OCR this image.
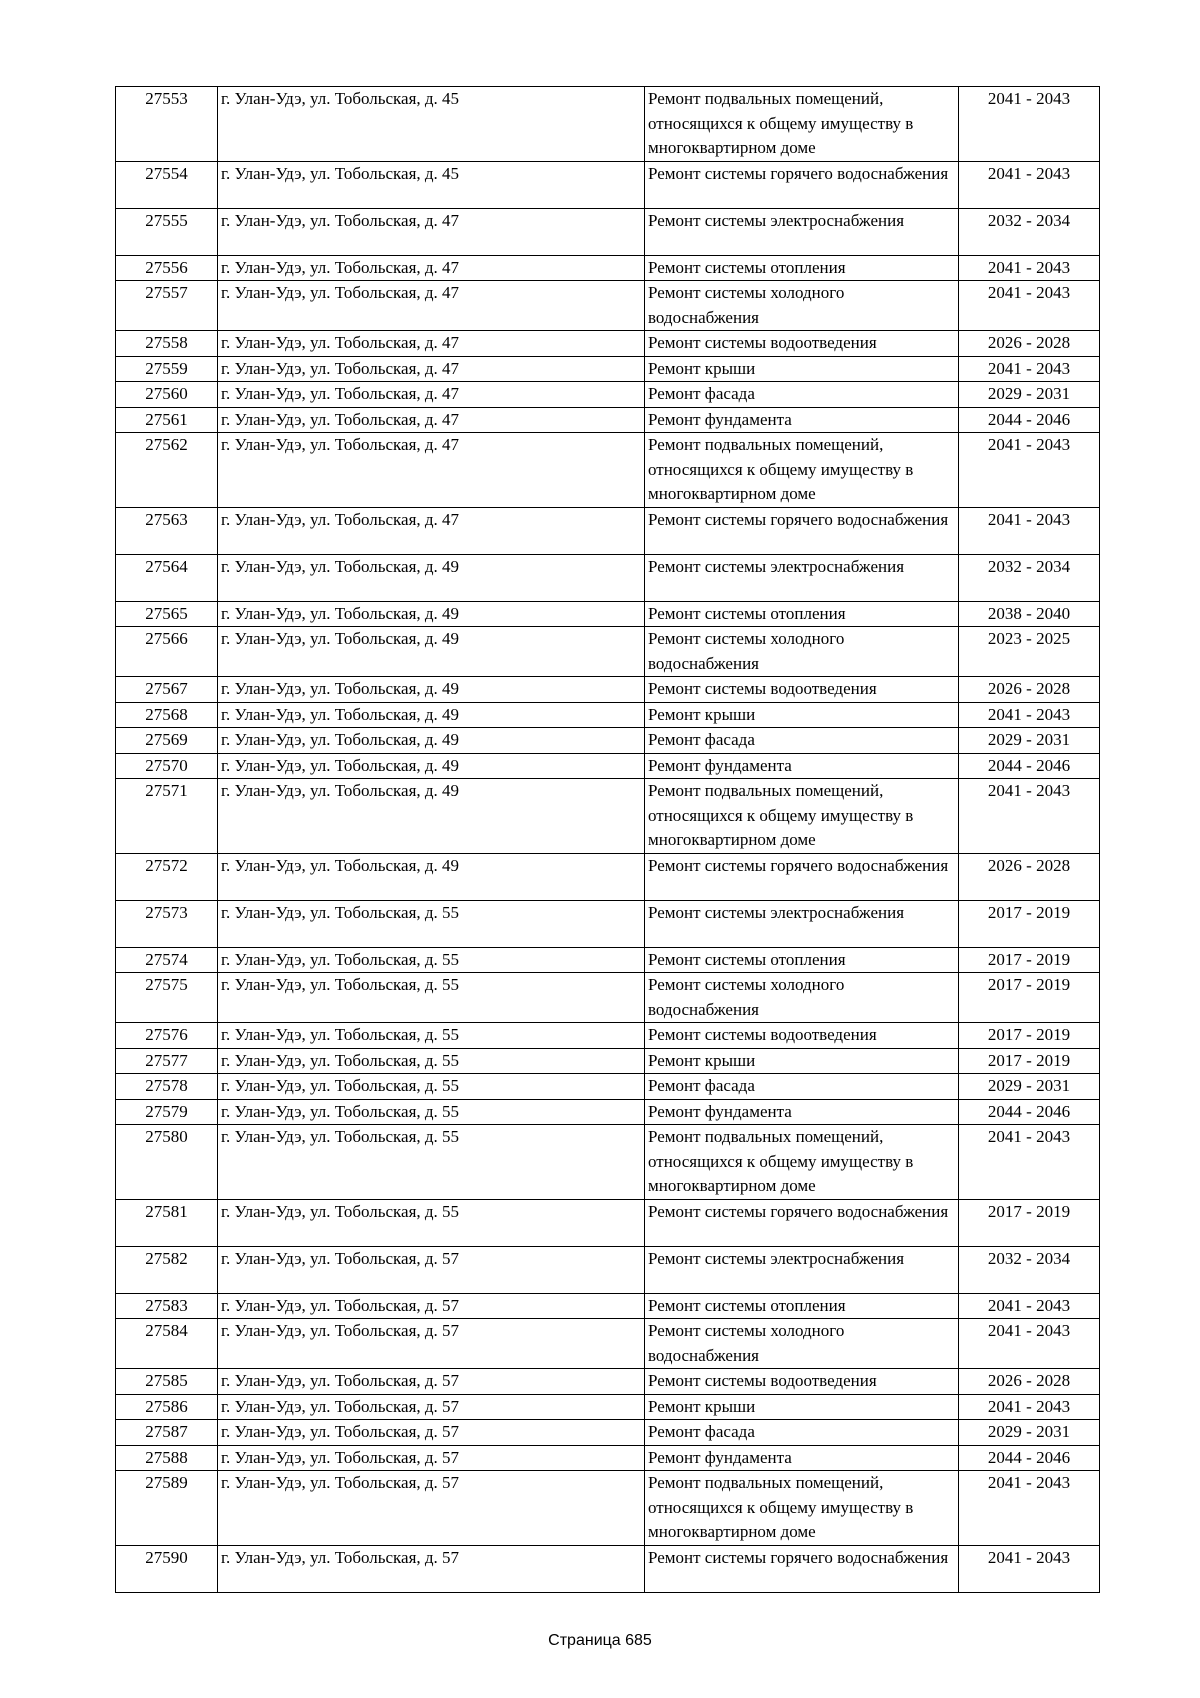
27553	г. Улан-Удэ, ул. Тобольская, д. 45	Ремонт подвальных помещений, относящихся к общему имуществу в многоквартирном доме	2041 - 2043
27554	г. Улан-Удэ, ул. Тобольская, д. 45	Ремонт системы горячего водоснабжения	2041 - 2043
27555	г. Улан-Удэ, ул. Тобольская, д. 47	Ремонт системы электроснабжения	2032 - 2034
27556	г. Улан-Удэ, ул. Тобольская, д. 47	Ремонт системы отопления	2041 - 2043
27557	г. Улан-Удэ, ул. Тобольская, д. 47	Ремонт системы холодного водоснабжения	2041 - 2043
27558	г. Улан-Удэ, ул. Тобольская, д. 47	Ремонт системы водоотведения	2026 - 2028
27559	г. Улан-Удэ, ул. Тобольская, д. 47	Ремонт крыши	2041 - 2043
27560	г. Улан-Удэ, ул. Тобольская, д. 47	Ремонт фасада	2029 - 2031
27561	г. Улан-Удэ, ул. Тобольская, д. 47	Ремонт фундамента	2044 - 2046
27562	г. Улан-Удэ, ул. Тобольская, д. 47	Ремонт подвальных помещений, относящихся к общему имуществу в многоквартирном доме	2041 - 2043
27563	г. Улан-Удэ, ул. Тобольская, д. 47	Ремонт системы горячего водоснабжения	2041 - 2043
27564	г. Улан-Удэ, ул. Тобольская, д. 49	Ремонт системы электроснабжения	2032 - 2034
27565	г. Улан-Удэ, ул. Тобольская, д. 49	Ремонт системы отопления	2038 - 2040
27566	г. Улан-Удэ, ул. Тобольская, д. 49	Ремонт системы холодного водоснабжения	2023 - 2025
27567	г. Улан-Удэ, ул. Тобольская, д. 49	Ремонт системы водоотведения	2026 - 2028
27568	г. Улан-Удэ, ул. Тобольская, д. 49	Ремонт крыши	2041 - 2043
27569	г. Улан-Удэ, ул. Тобольская, д. 49	Ремонт фасада	2029 - 2031
27570	г. Улан-Удэ, ул. Тобольская, д. 49	Ремонт фундамента	2044 - 2046
27571	г. Улан-Удэ, ул. Тобольская, д. 49	Ремонт подвальных помещений, относящихся к общему имуществу в многоквартирном доме	2041 - 2043
27572	г. Улан-Удэ, ул. Тобольская, д. 49	Ремонт системы горячего водоснабжения	2026 - 2028
27573	г. Улан-Удэ, ул. Тобольская, д. 55	Ремонт системы электроснабжения	2017 - 2019
27574	г. Улан-Удэ, ул. Тобольская, д. 55	Ремонт системы отопления	2017 - 2019
27575	г. Улан-Удэ, ул. Тобольская, д. 55	Ремонт системы холодного водоснабжения	2017 - 2019
27576	г. Улан-Удэ, ул. Тобольская, д. 55	Ремонт системы водоотведения	2017 - 2019
27577	г. Улан-Удэ, ул. Тобольская, д. 55	Ремонт крыши	2017 - 2019
27578	г. Улан-Удэ, ул. Тобольская, д. 55	Ремонт фасада	2029 - 2031
27579	г. Улан-Удэ, ул. Тобольская, д. 55	Ремонт фундамента	2044 - 2046
27580	г. Улан-Удэ, ул. Тобольская, д. 55	Ремонт подвальных помещений, относящихся к общему имуществу в многоквартирном доме	2041 - 2043
27581	г. Улан-Удэ, ул. Тобольская, д. 55	Ремонт системы горячего водоснабжения	2017 - 2019
27582	г. Улан-Удэ, ул. Тобольская, д. 57	Ремонт системы электроснабжения	2032 - 2034
27583	г. Улан-Удэ, ул. Тобольская, д. 57	Ремонт системы отопления	2041 - 2043
27584	г. Улан-Удэ, ул. Тобольская, д. 57	Ремонт системы холодного водоснабжения	2041 - 2043
27585	г. Улан-Удэ, ул. Тобольская, д. 57	Ремонт системы водоотведения	2026 - 2028
27586	г. Улан-Удэ, ул. Тобольская, д. 57	Ремонт крыши	2041 - 2043
27587	г. Улан-Удэ, ул. Тобольская, д. 57	Ремонт фасада	2029 - 2031
27588	г. Улан-Удэ, ул. Тобольская, д. 57	Ремонт фундамента	2044 - 2046
27589	г. Улан-Удэ, ул. Тобольская, д. 57	Ремонт подвальных помещений, относящихся к общему имуществу в многоквартирном доме	2041 - 2043
27590	г. Улан-Удэ, ул. Тобольская, д. 57	Ремонт системы горячего водоснабжения	2041 - 2043
Страница 685
